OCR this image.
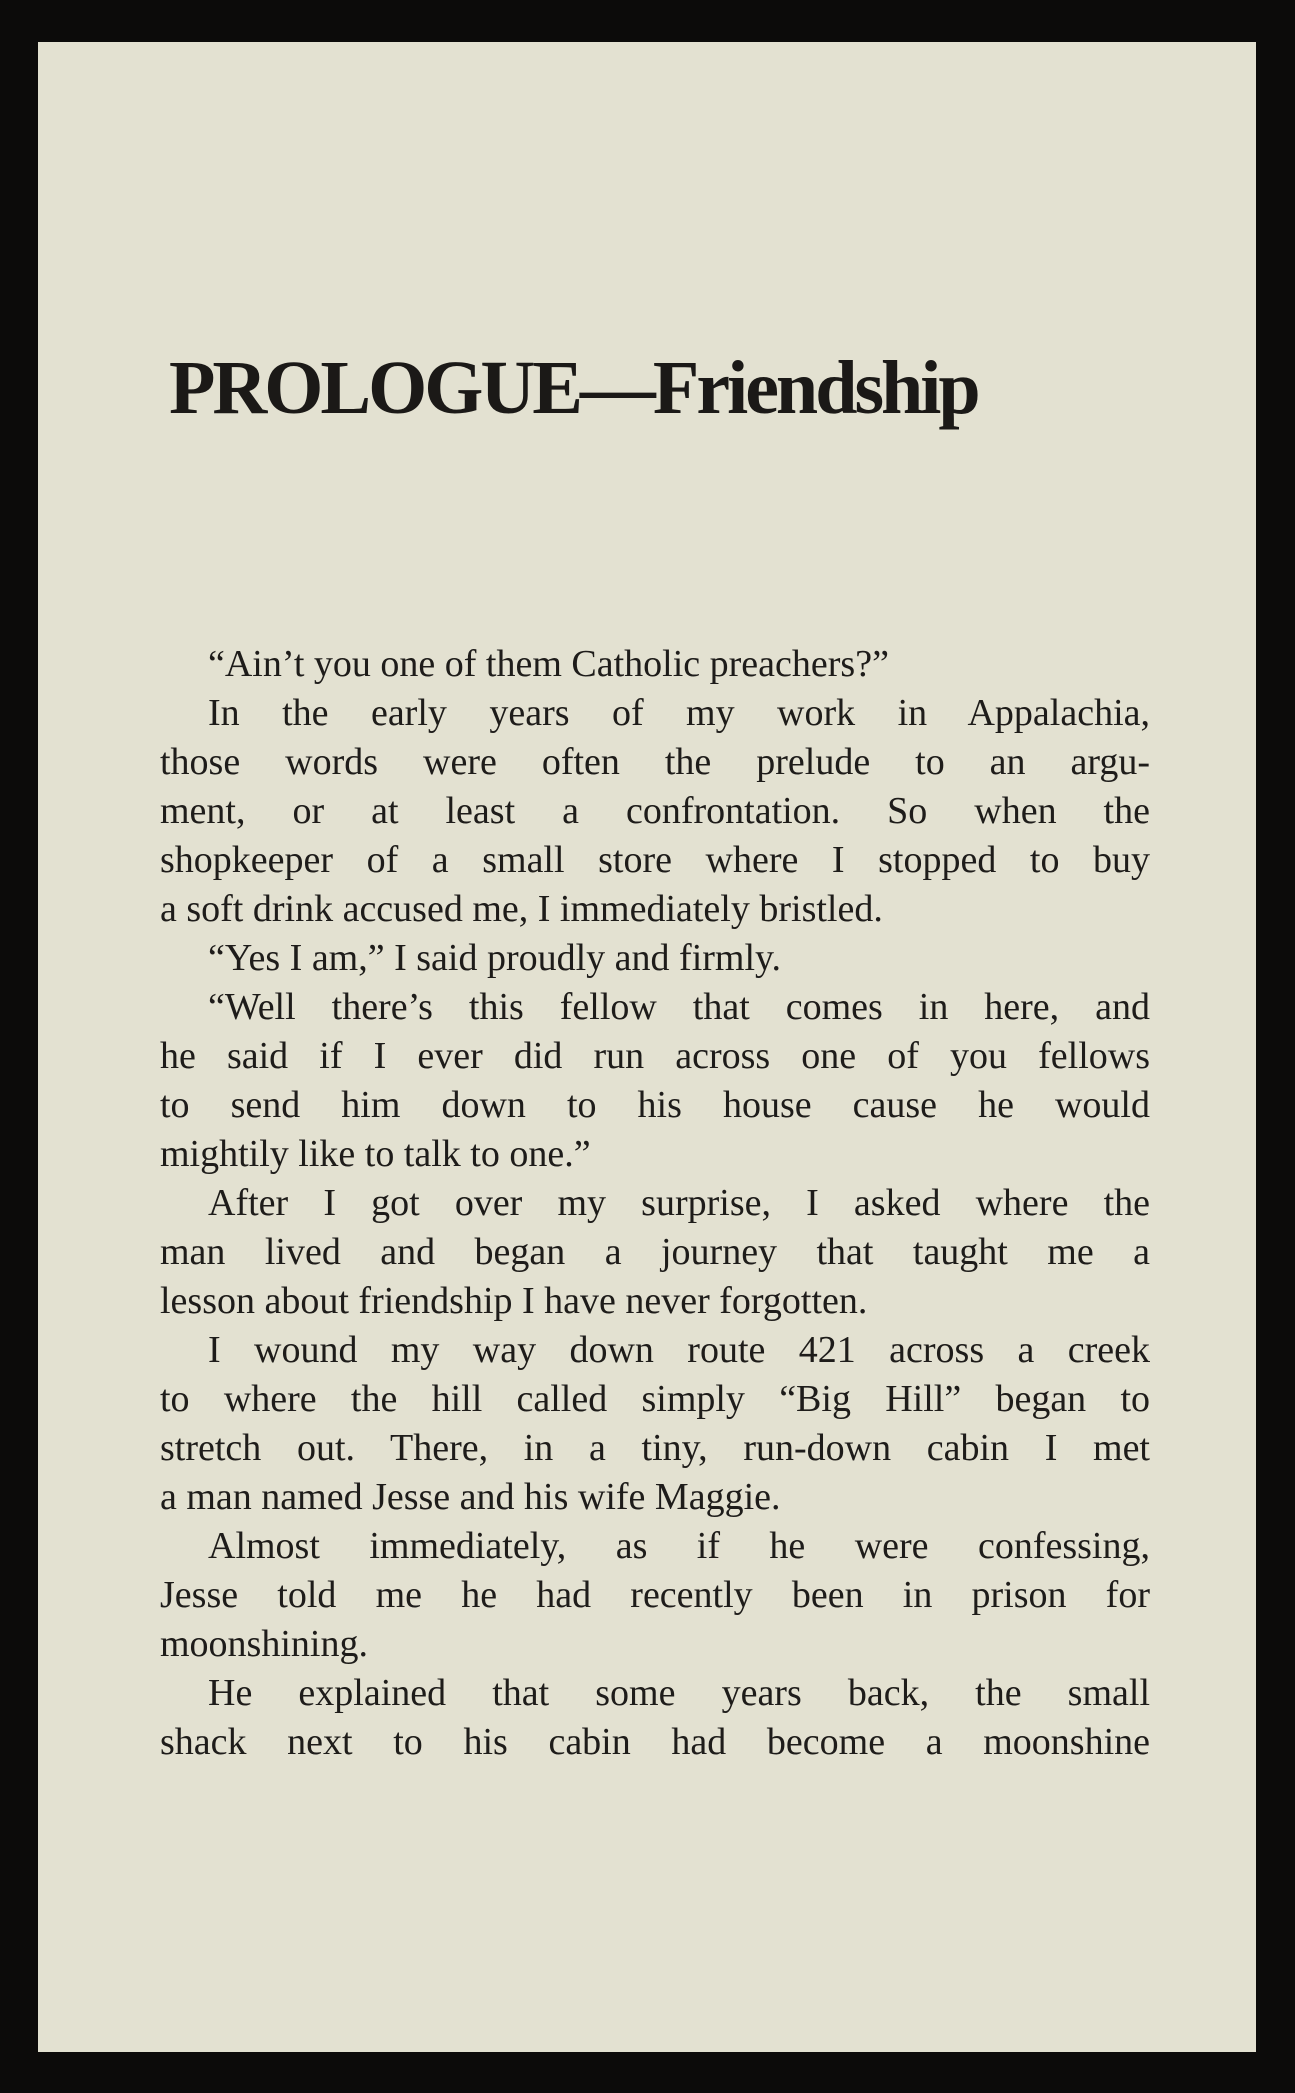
PROLOGUE—Friendship
“Ain’t you one of them Catholic preachers?”
In the early years of my work in Appalachia,
those words were often the prelude to an argu-
ment, or at least a confrontation. So when the
shopkeeper of a small store where I stopped to buy
a soft drink accused me, I immediately bristled.
“Yes I am,” I said proudly and firmly.
“Well there’s this fellow that comes in here, and
he said if I ever did run across one of you fellows
to send him down to his house cause he would
mightily like to talk to one.”
After I got over my surprise, I asked where the
man lived and began a journey that taught me a
lesson about friendship I have never forgotten.
I wound my way down route 421 across a creek
to where the hill called simply “Big Hill” began to
stretch out. There, in a tiny, run-down cabin I met
a man named Jesse and his wife Maggie.
Almost immediately, as if he were confessing,
Jesse told me he had recently been in prison for
moonshining.
He explained that some years back, the small
shack next to his cabin had become a moonshine
